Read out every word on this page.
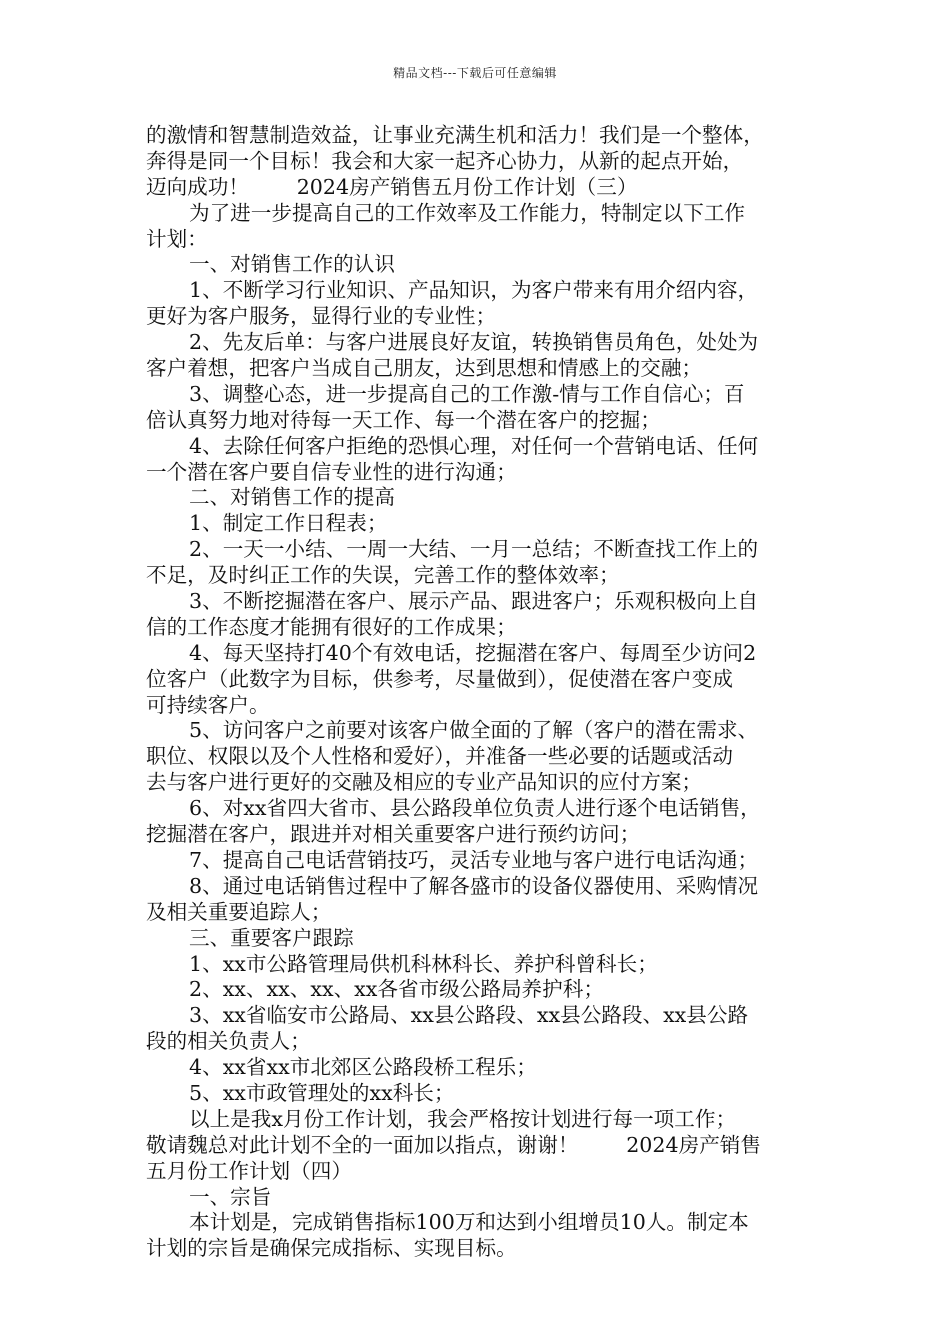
精品文档---下载后可任意编辑
的激情和智慧制造效益，让事业充满生机和活力！我们是一个整体，
奔得是同一个目标！我会和大家一起齐心协力，从新的起点开始，
迈向成功！　　 2024房产销售五月份工作计划（三）
为了进一步提高自己的工作效率及工作能力，特制定以下工作
计划：
一、对销售工作的认识
1、不断学习行业知识、产品知识，为客户带来有用介绍内容，
更好为客户服务，显得行业的专业性；
2、先友后单：与客户进展良好友谊，转换销售员角色，处处为
客户着想，把客户当成自己朋友，达到思想和情感上的交融；
3、调整心态，进一步提高自己的工作激-情与工作自信心；百
倍认真努力地对待每一天工作、每一个潜在客户的挖掘；
4、去除任何客户拒绝的恐惧心理，对任何一个营销电话、任何
一个潜在客户要自信专业性的进行沟通；
二、对销售工作的提高
1、制定工作日程表；
2、一天一小结、一周一大结、一月一总结；不断查找工作上的
不足，及时纠正工作的失误，完善工作的整体效率；
3、不断挖掘潜在客户、展示产品、跟进客户；乐观积极向上自
信的工作态度才能拥有很好的工作成果；
4、每天坚持打40个有效电话，挖掘潜在客户、每周至少访问2
位客户（此数字为目标，供参考，尽量做到），促使潜在客户变成
可持续客户。
5、访问客户之前要对该客户做全面的了解（客户的潜在需求、
职位、权限以及个人性格和爱好），并准备一些必要的话题或活动
去与客户进行更好的交融及相应的专业产品知识的应付方案；
6、对xx省四大省市、县公路段单位负责人进行逐个电话销售，
挖掘潜在客户，跟进并对相关重要客户进行预约访问；
7、提高自己电话营销技巧，灵活专业地与客户进行电话沟通；
8、通过电话销售过程中了解各盛市的设备仪器使用、采购情况
及相关重要追踪人；
三、重要客户跟踪
1、xx市公路管理局供机科林科长、养护科曾科长；
2、xx、xx、xx、xx各省市级公路局养护科；
3、xx省临安市公路局、xx县公路段、xx县公路段、xx县公路
段的相关负责人；
4、xx省xx市北郊区公路段桥工程乐；
5、xx市政管理处的xx科长；
以上是我x月份工作计划，我会严格按计划进行每一项工作；
敬请魏总对此计划不全的一面加以指点，谢谢！　　 2024房产销售
五月份工作计划（四）
一、宗旨
本计划是，完成销售指标100万和达到小组增员10人。制定本
计划的宗旨是确保完成指标、实现目标。
